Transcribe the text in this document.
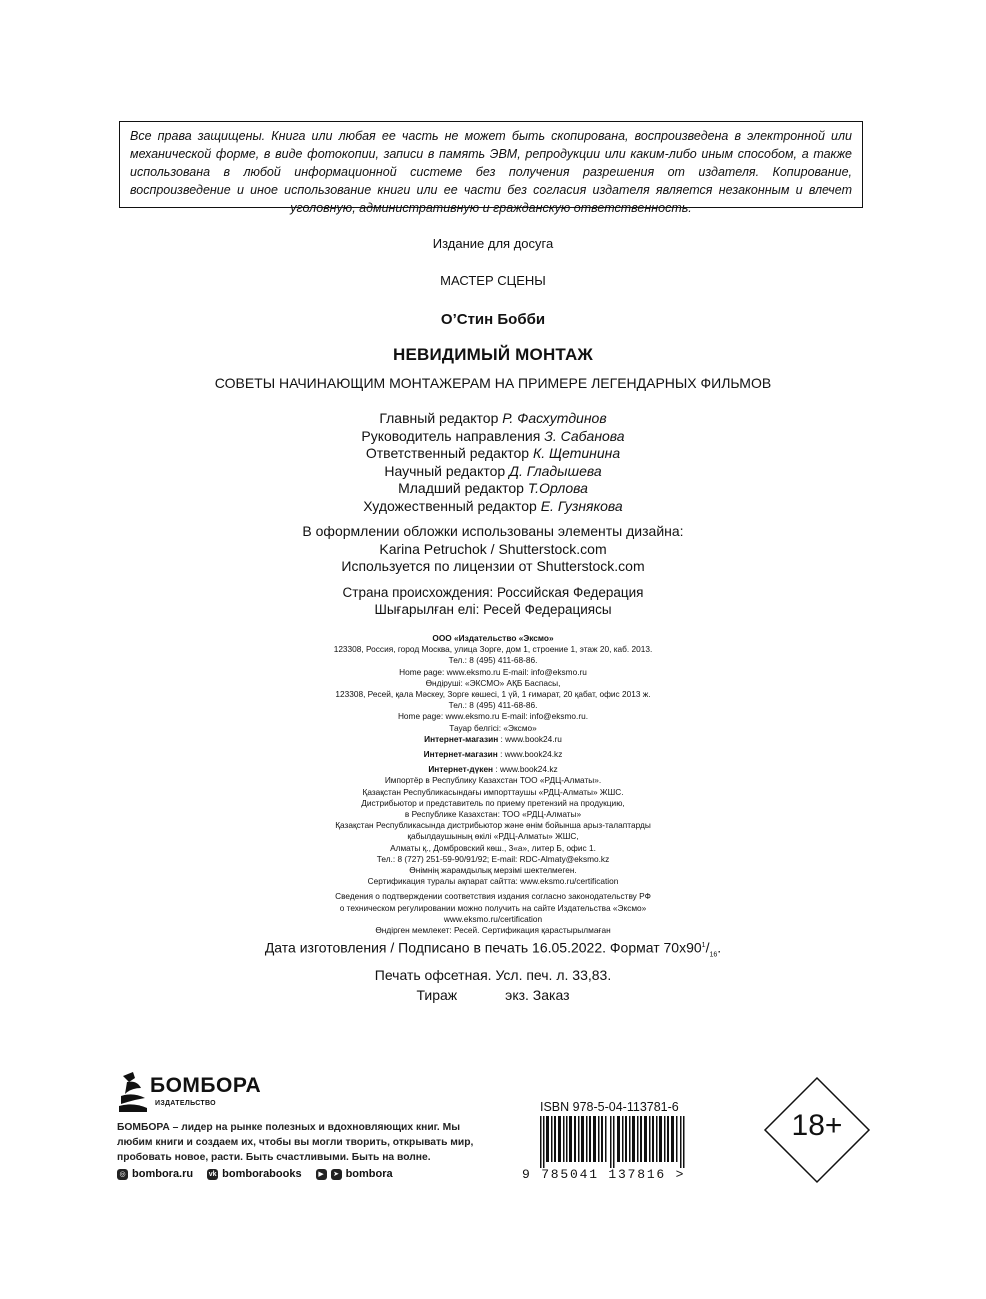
Все права защищены. Книга или любая ее часть не может быть скопирована, воспроизведена в электронной или механической форме, в виде фотокопии, записи в память ЭВМ, репродукции или каким-либо иным способом, а также использована в любой информационной системе без получения разрешения от издателя. Копирование, воспроизведение и иное использование книги или ее части без согласия издателя является незаконным и влечет уголовную, административную и гражданскую ответственность.
Издание для досуга
МАСТЕР СЦЕНЫ
О’Стин Бобби
НЕВИДИМЫЙ МОНТАЖ
СОВЕТЫ НАЧИНАЮЩИМ МОНТАЖЕРАМ НА ПРИМЕРЕ ЛЕГЕНДАРНЫХ ФИЛЬМОВ
Главный редактор Р. Фасхутдинов
Руководитель направления З. Сабанова
Ответственный редактор К. Щетинина
Научный редактор Д. Гладышева
Младший редактор Т.Орлова
Художественный редактор Е. Гузнякова
В оформлении обложки использованы элементы дизайна:
Karina Petruchok / Shutterstock.com
Используется по лицензии от Shutterstock.com
Страна происхождения: Российская Федерация
Шығарылған елі: Ресей Федерациясы
ООО «Издательство «Эксмо»
123308, Россия, город Москва, улица Зорге, дом 1, строение 1, этаж 20, каб. 2013.
Тел.: 8 (495) 411-68-86.
Home page: www.eksmo.ru E-mail: info@eksmo.ru
Өндіруші: «ЭКСМО» АҚБ Баспасы,
123308, Ресей, қала Мәскеу, Зорге көшесі, 1 үй, 1 ғимарат, 20 қабат, офис 2013 ж.
Тел.: 8 (495) 411-68-86.
Home page: www.eksmo.ru E-mail: info@eksmo.ru.
Тауар белгісі: «Эксмо»
Интернет-магазин : www.book24.ru
Интернет-магазин : www.book24.kz
Интернет-дүкен : www.book24.kz
Импортёр в Республику Казахстан ТОО «РДЦ-Алматы».
Қазақстан Республикасындағы импорттаушы «РДЦ-Алматы» ЖШС.
Дистрибьютор и представитель по приему претензий на продукцию,
в Республике Казахстан: ТОО «РДЦ-Алматы»
Қазақстан Республикасында дистрибьютор және өнім бойынша арыз-талаптарды
қабылдаушының өкілі «РДЦ-Алматы» ЖШС,
Алматы қ., Домбровский көш., 3«а», литер Б, офис 1.
Тел.: 8 (727) 251-59-90/91/92; E-mail: RDC-Almaty@eksmo.kz
Өнімнің жарамдылық мерзімі шектелмеген.
Сертификация туралы ақпарат сайтта: www.eksmo.ru/certification
Сведения о подтверждении соответствия издания согласно законодательству РФ
о техническом регулировании можно получить на сайте Издательства «Эксмо»
www.eksmo.ru/certification
Өндірген мемлекет: Ресей. Сертификация қарастырылмаған
Дата изготовления / Подписано в печать 16.05.2022. Формат $70х90^1/_{16}$.
Печать офсетная. Усл. печ. л. 33,83.
Тираж	экз. Заказ
БОМБОРА
ИЗДАТЕЛЬСТВО
БОМБОРА – лидер на рынке полезных и вдохновляющих книг. Мы любим книги и создаем их, чтобы вы могли творить, открывать мир, пробовать новое, расти. Быть счастливыми. Быть на волне.
◎ bombora.ru vk bomborabooks	▶	➤ bombora
ISBN 978-5-04-113781-6
9 785041 137816 >
18+
